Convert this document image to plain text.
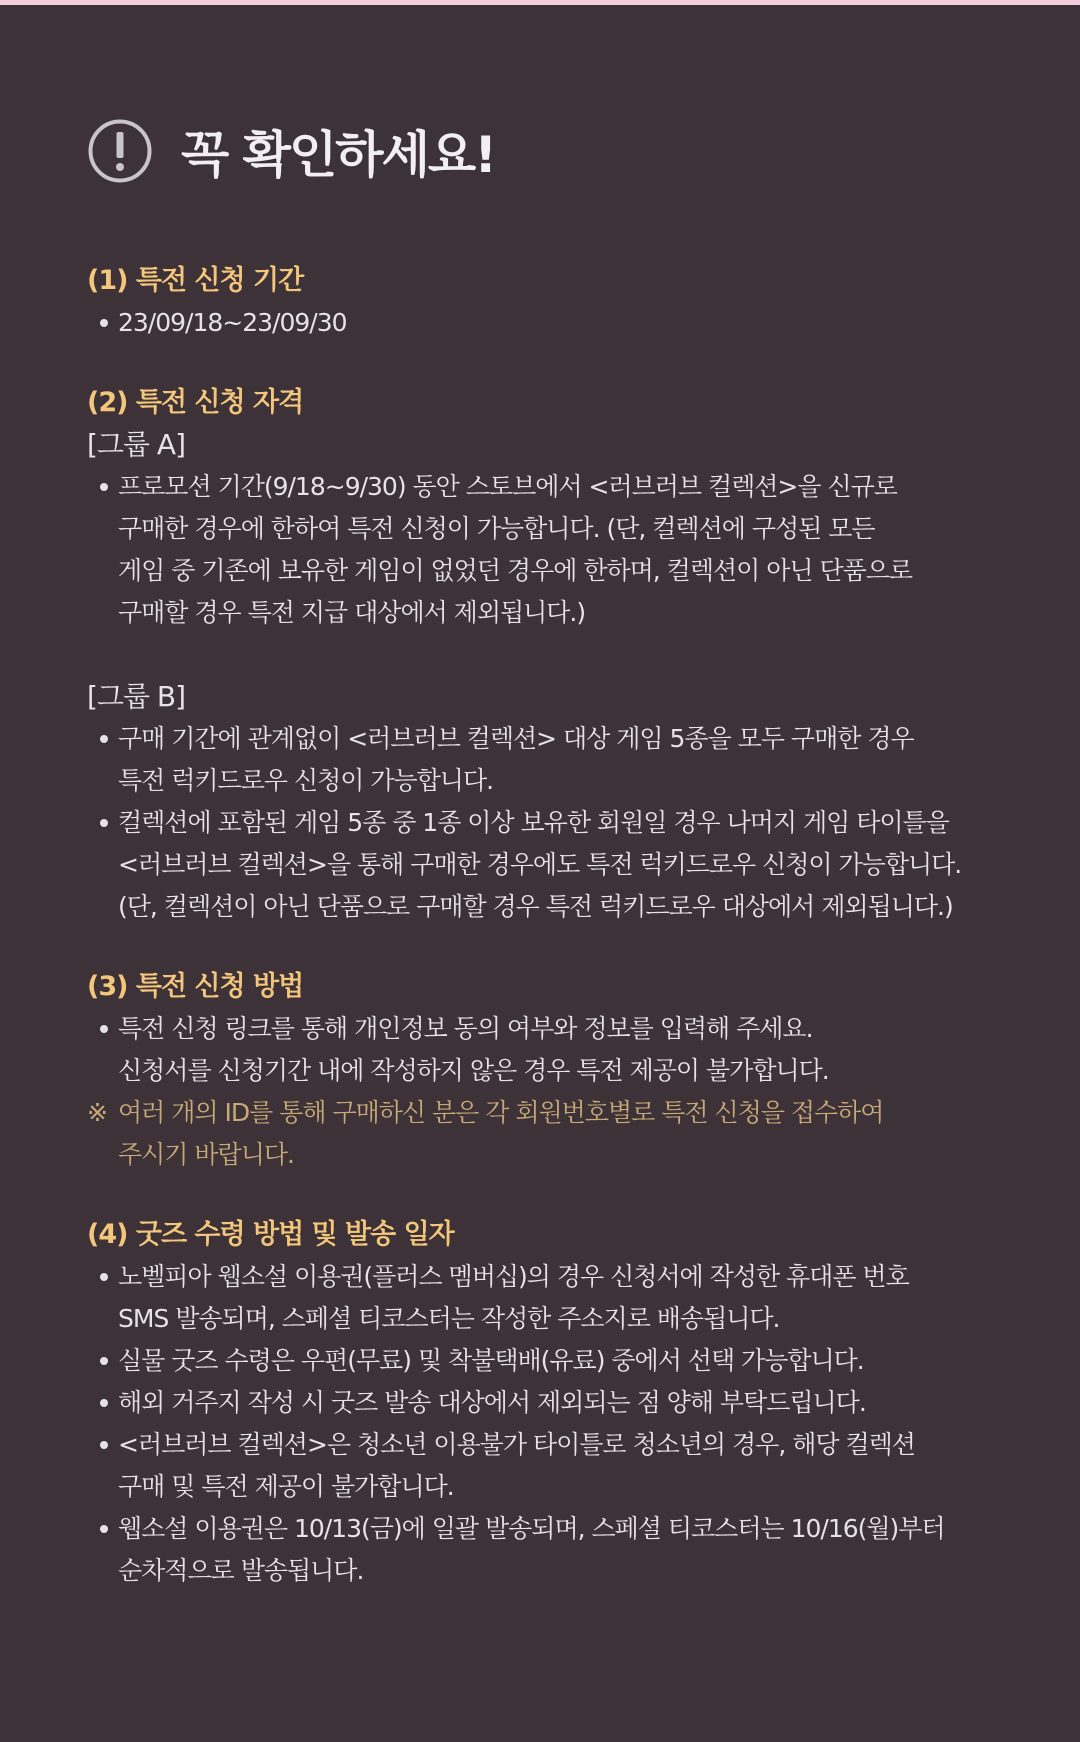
꼭 확인하세요!
(1) 특전 신청 기간
23/09/18~23/09/30
(2) 특전 신청 자격
[그룹 A]
프로모션 기간(9/18~9/30) 동안 스토브에서 <러브러브 컬렉션>을 신규로
구매한 경우에 한하여 특전 신청이 가능합니다. (단, 컬렉션에 구성된 모든
게임 중 기존에 보유한 게임이 없었던 경우에 한하며, 컬렉션이 아닌 단품으로
구매할 경우 특전 지급 대상에서 제외됩니다.)
[그룹 B]
구매 기간에 관계없이 <러브러브 컬렉션> 대상 게임 5종을 모두 구매한 경우
특전 럭키드로우 신청이 가능합니다.
컬렉션에 포함된 게임 5종 중 1종 이상 보유한 회원일 경우 나머지 게임 타이틀을
<러브러브 컬렉션>을 통해 구매한 경우에도 특전 럭키드로우 신청이 가능합니다.
(단, 컬렉션이 아닌 단품으로 구매할 경우 특전 럭키드로우 대상에서 제외됩니다.)
(3) 특전 신청 방법
특전 신청 링크를 통해 개인정보 동의 여부와 정보를 입력해 주세요.
신청서를 신청기간 내에 작성하지 않은 경우 특전 제공이 불가합니다.
※ 여러 개의 ID를 통해 구매하신 분은 각 회원번호별로 특전 신청을 접수하여
주시기 바랍니다.
(4) 굿즈 수령 방법 및 발송 일자
노벨피아 웹소설 이용권(플러스 멤버십)의 경우 신청서에 작성한 휴대폰 번호
SMS 발송되며, 스페셜 티코스터는 작성한 주소지로 배송됩니다.
실물 굿즈 수령은 우편(무료) 및 착불택배(유료) 중에서 선택 가능합니다.
해외 거주지 작성 시 굿즈 발송 대상에서 제외되는 점 양해 부탁드립니다.
<러브러브 컬렉션>은 청소년 이용불가 타이틀로 청소년의 경우, 해당 컬렉션
구매 및 특전 제공이 불가합니다.
웹소설 이용권은 10/13(금)에 일괄 발송되며, 스페셜 티코스터는 10/16(월)부터
순차적으로 발송됩니다.
